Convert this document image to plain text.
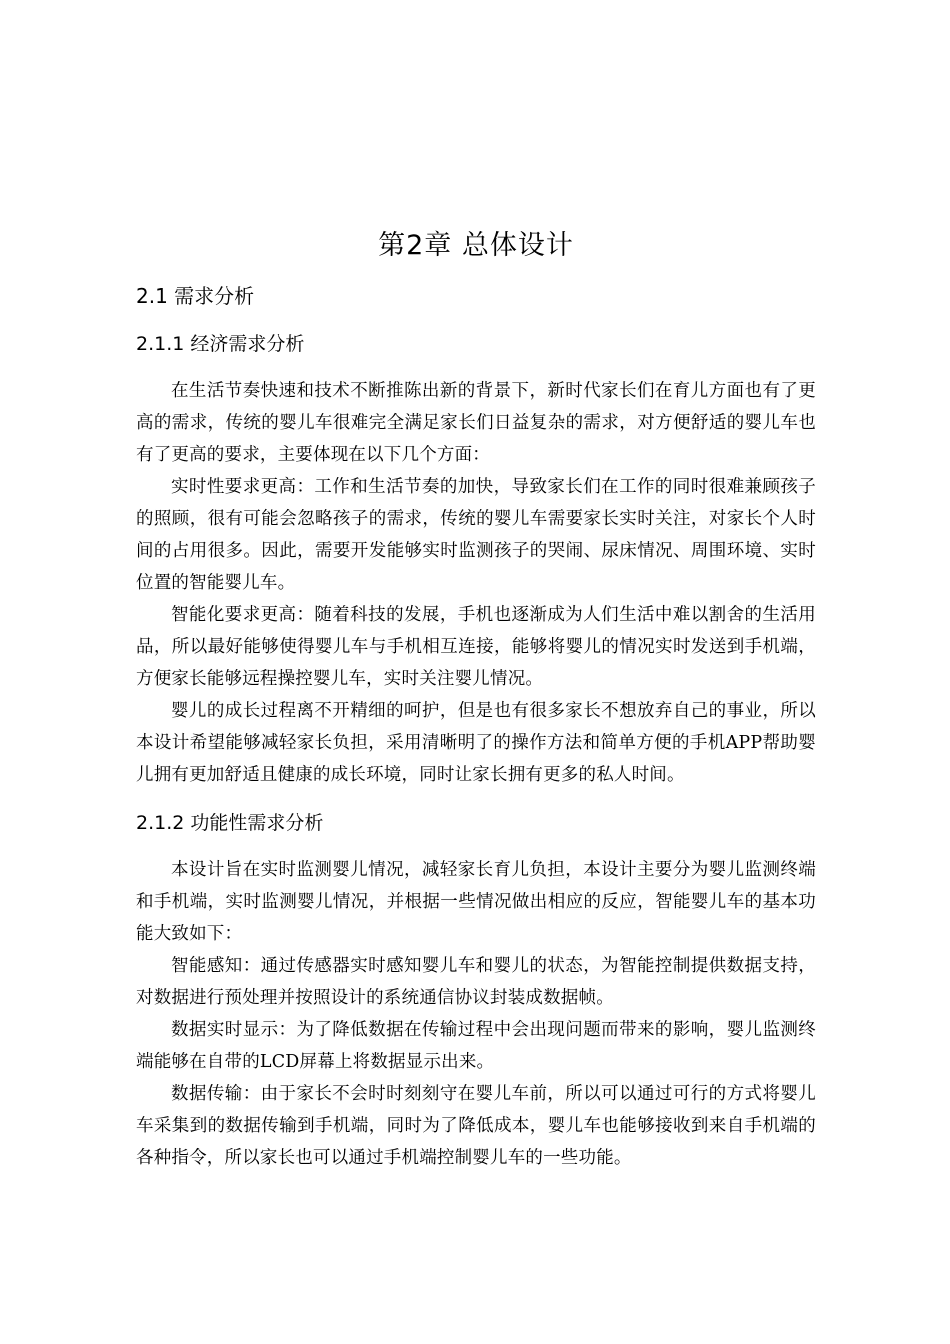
第2章 总体设计
2.1 需求分析
2.1.1 经济需求分析

在生活节奏快速和技术不断推陈出新的背景下，新时代家长们在育儿方面也有了更高的需求，传统的婴儿车很难完全满足家长们日益复杂的需求，对方便舒适的婴儿车也有了更高的要求，主要体现在以下几个方面：

实时性要求更高：工作和生活节奏的加快，导致家长们在工作的同时很难兼顾孩子的照顾，很有可能会忽略孩子的需求，传统的婴儿车需要家长实时关注，对家长个人时间的占用很多。因此，需要开发能够实时监测孩子的哭闹、尿床情况、周围环境、实时位置的智能婴儿车。

智能化要求更高：随着科技的发展，手机也逐渐成为人们生活中难以割舍的生活用品，所以最好能够使得婴儿车与手机相互连接，能够将婴儿的情况实时发送到手机端，方便家长能够远程操控婴儿车，实时关注婴儿情况。

婴儿的成长过程离不开精细的呵护，但是也有很多家长不想放弃自己的事业，所以本设计希望能够减轻家长负担，采用清晰明了的操作方法和简单方便的手机APP帮助婴儿拥有更加舒适且健康的成长环境，同时让家长拥有更多的私人时间。

2.1.2 功能性需求分析

本设计旨在实时监测婴儿情况，减轻家长育儿负担，本设计主要分为婴儿监测终端和手机端，实时监测婴儿情况，并根据一些情况做出相应的反应，智能婴儿车的基本功能大致如下：

智能感知：通过传感器实时感知婴儿车和婴儿的状态，为智能控制提供数据支持，对数据进行预处理并按照设计的系统通信协议封装成数据帧。

数据实时显示：为了降低数据在传输过程中会出现问题而带来的影响，婴儿监测终端能够在自带的LCD屏幕上将数据显示出来。

数据传输：由于家长不会时时刻刻守在婴儿车前，所以可以通过可行的方式将婴儿车采集到的数据传输到手机端，同时为了降低成本，婴儿车也能够接收到来自手机端的各种指令，所以家长也可以通过手机端控制婴儿车的一些功能。
